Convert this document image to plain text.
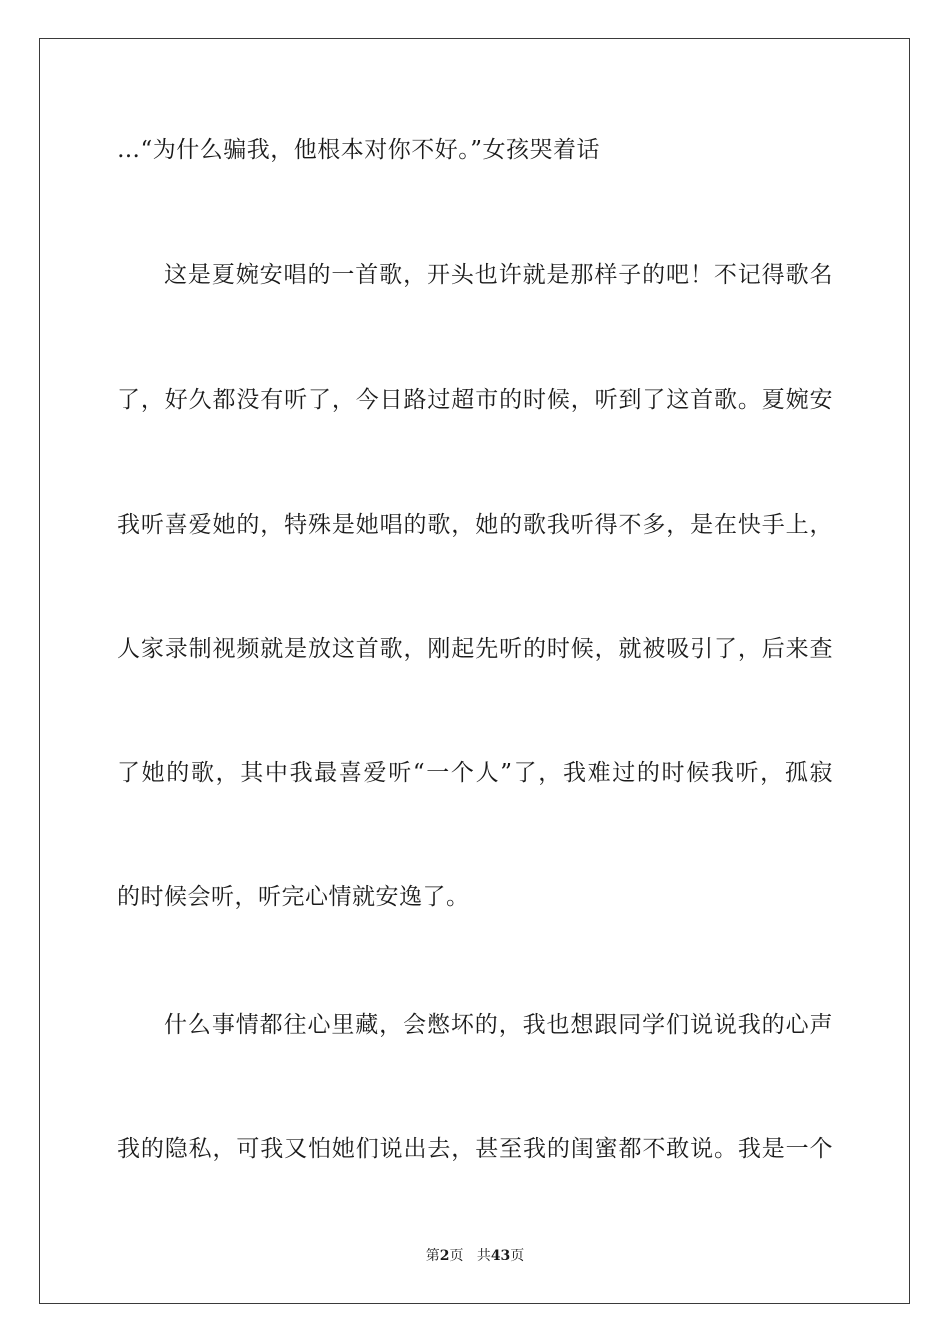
…“为什么骗我，他根本对你不好。”女孩哭着话
这是夏婉安唱的一首歌，开头也许就是那样子的吧！不记得歌名
了，好久都没有听了，今日路过超市的时候，听到了这首歌。夏婉安
我听喜爱她的，特殊是她唱的歌，她的歌我听得不多，是在快手上，
人家录制视频就是放这首歌，刚起先听的时候，就被吸引了，后来查
了她的歌，其中我最喜爱听“一个人”了，我难过的时候我听，孤寂
的时候会听，听完心情就安逸了。
什么事情都往心里藏，会憋坏的，我也想跟同学们说说我的心声
我的隐私，可我又怕她们说出去，甚至我的闺蜜都不敢说。我是一个
第2页 共43页
